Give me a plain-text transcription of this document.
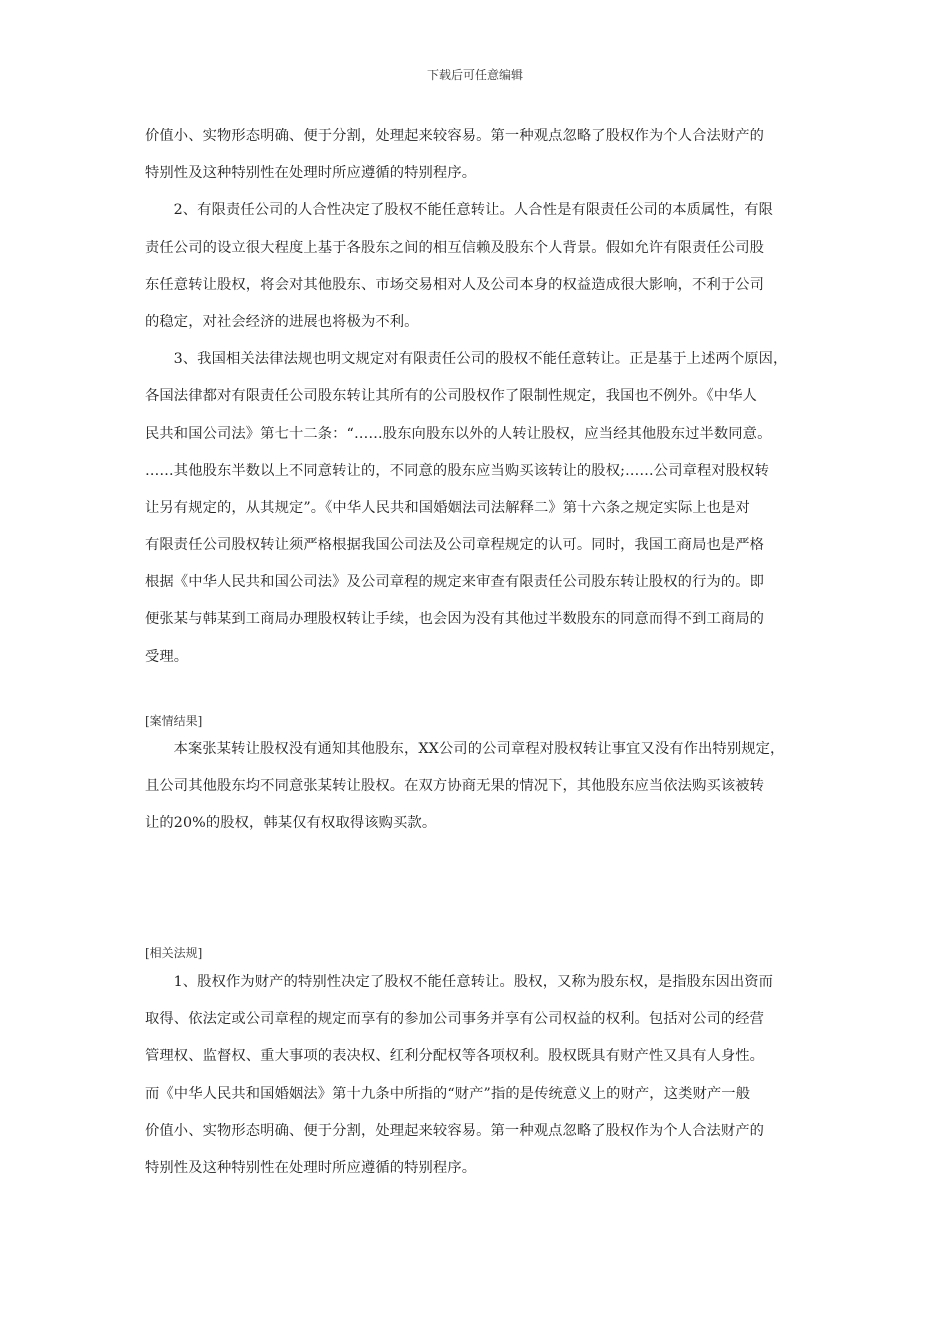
下载后可任意编辑
价值小、实物形态明确、便于分割，处理起来较容易。第一种观点忽略了股权作为个人合法财产的
特别性及这种特别性在处理时所应遵循的特别程序。
2、有限责任公司的人合性决定了股权不能任意转让。人合性是有限责任公司的本质属性，有限
责任公司的设立很大程度上基于各股东之间的相互信赖及股东个人背景。假如允许有限责任公司股
东任意转让股权，将会对其他股东、市场交易相对人及公司本身的权益造成很大影响，不利于公司
的稳定，对社会经济的进展也将极为不利。
3、我国相关法律法规也明文规定对有限责任公司的股权不能任意转让。正是基于上述两个原因，
各国法律都对有限责任公司股东转让其所有的公司股权作了限制性规定，我国也不例外。《中华人
民共和国公司法》第七十二条：“……股东向股东以外的人转让股权，应当经其他股东过半数同意。
……其他股东半数以上不同意转让的，不同意的股东应当购买该转让的股权;……公司章程对股权转
让另有规定的，从其规定”。《中华人民共和国婚姻法司法解释二》第十六条之规定实际上也是对
有限责任公司股权转让须严格根据我国公司法及公司章程规定的认可。同时，我国工商局也是严格
根据《中华人民共和国公司法》及公司章程的规定来审查有限责任公司股东转让股权的行为的。即
便张某与韩某到工商局办理股权转让手续，也会因为没有其他过半数股东的同意而得不到工商局的
受理。
[案情结果]
本案张某转让股权没有通知其他股东，XX公司的公司章程对股权转让事宜又没有作出特别规定，
且公司其他股东均不同意张某转让股权。在双方协商无果的情况下，其他股东应当依法购买该被转
让的20%的股权，韩某仅有权取得该购买款。
[相关法规]
1、股权作为财产的特别性决定了股权不能任意转让。股权，又称为股东权，是指股东因出资而
取得、依法定或公司章程的规定而享有的参加公司事务并享有公司权益的权利。包括对公司的经营
管理权、监督权、重大事项的表决权、红利分配权等各项权利。股权既具有财产性又具有人身性。
而《中华人民共和国婚姻法》第十九条中所指的“财产”指的是传统意义上的财产，这类财产一般
价值小、实物形态明确、便于分割，处理起来较容易。第一种观点忽略了股权作为个人合法财产的
特别性及这种特别性在处理时所应遵循的特别程序。
